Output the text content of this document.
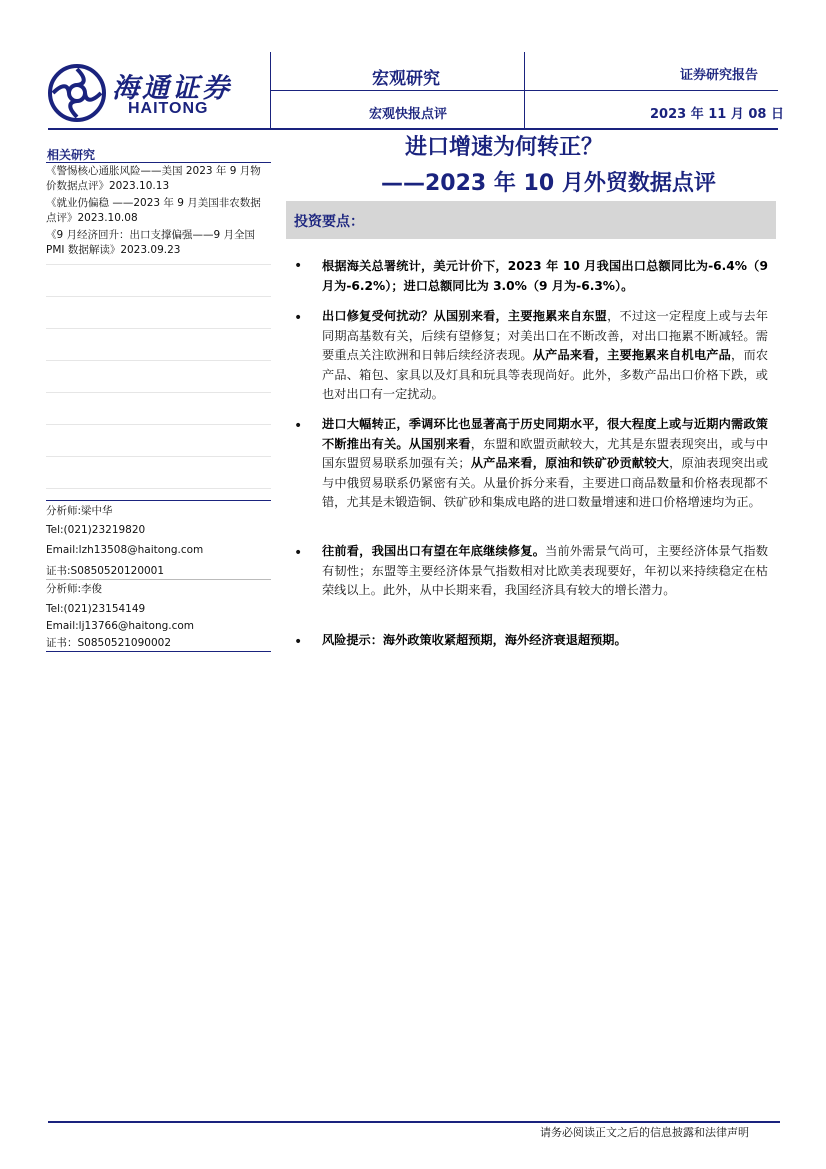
海通证券
HAITONG
宏观研究	证券研究报告
宏观快报点评	2023 年 11 月 08 日
相关研究
《警惕核心通胀风险——美国 2023 年 9 月物价数据点评》2023.10.13
《就业仍偏稳 ——2023 年 9 月美国非农数据点评》2023.10.08
《9 月经济回升：出口支撑偏强——9 月全国 PMI 数据解读》2023.09.23
分析师:梁中华
Tel:(021)23219820
Email:lzh13508@haitong.com
证书:S0850520120001
分析师:李俊
Tel:(021)23154149
Email:lj13766@haitong.com
证书：S0850521090002
进口增速为何转正？
——2023 年 10 月外贸数据点评
投资要点：
• 根据海关总署统计，美元计价下，2023 年 10 月我国出口总额同比为-6.4%（9 月为-6.2%）；进口总额同比为 3.0%（9 月为-6.3%）。
• 出口修复受何扰动？从国别来看，主要拖累来自东盟，不过这一定程度上或与去年同期高基数有关，后续有望修复；对美出口在不断改善，对出口拖累不断减轻。需要重点关注欧洲和日韩后续经济表现。从产品来看，主要拖累来自机电产品，而农产品、箱包、家具以及灯具和玩具等表现尚好。此外，多数产品出口价格下跌，或也对出口有一定扰动。
• 进口大幅转正，季调环比也显著高于历史同期水平，很大程度上或与近期内需政策不断推出有关。从国别来看，东盟和欧盟贡献较大，尤其是东盟表现突出，或与中国东盟贸易联系加强有关；从产品来看，原油和铁矿砂贡献较大，原油表现突出或与中俄贸易联系仍紧密有关。从量价拆分来看，主要进口商品数量和价格表现都不错，尤其是未锻造铜、铁矿砂和集成电路的进口数量增速和进口价格增速均为正。
• 往前看，我国出口有望在年底继续修复。当前外需景气尚可，主要经济体景气指数有韧性；东盟等主要经济体景气指数相对比欧美表现要好，年初以来持续稳定在枯荣线以上。此外，从中长期来看，我国经济具有较大的增长潜力。
• 风险提示：海外政策收紧超预期，海外经济衰退超预期。
请务必阅读正文之后的信息披露和法律声明
